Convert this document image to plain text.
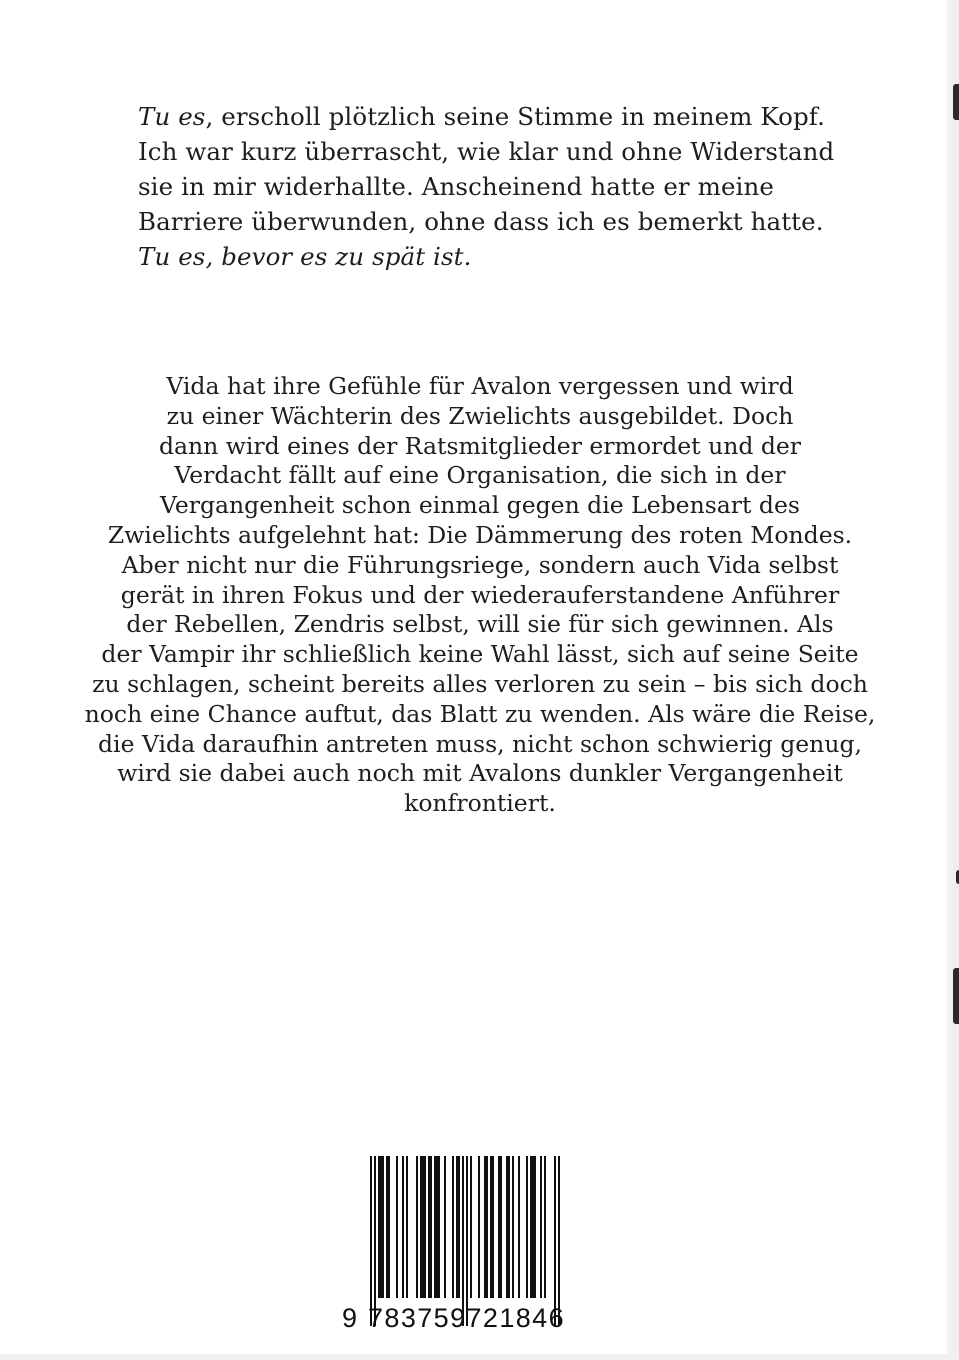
Tu es, erscholl plötzlich seine Stimme in meinem Kopf.
Ich war kurz überrascht, wie klar und ohne Widerstand
sie in mir widerhallte. Anscheinend hatte er meine
Barriere überwunden, ohne dass ich es bemerkt hatte.
Tu es, bevor es zu spät ist.
Vida hat ihre Gefühle für Avalon vergessen und wird
zu einer Wächterin des Zwielichts ausgebildet. Doch
dann wird eines der Ratsmitglieder ermordet und der
Verdacht fällt auf eine Organisation, die sich in der
Vergangenheit schon einmal gegen die Lebensart des
Zwielichts aufgelehnt hat: Die Dämmerung des roten Mondes.
Aber nicht nur die Führungsriege, sondern auch Vida selbst
gerät in ihren Fokus und der wiederauferstandene Anführer
der Rebellen, Zendris selbst, will sie für sich gewinnen. Als
der Vampir ihr schließlich keine Wahl lässt, sich auf seine Seite
zu schlagen, scheint bereits alles verloren zu sein – bis sich doch
noch eine Chance auftut, das Blatt zu wenden. Als wäre die Reise,
die Vida daraufhin antreten muss, nicht schon schwierig genug,
wird sie dabei auch noch mit Avalons dunkler Vergangenheit
konfrontiert.
9 783759721846
